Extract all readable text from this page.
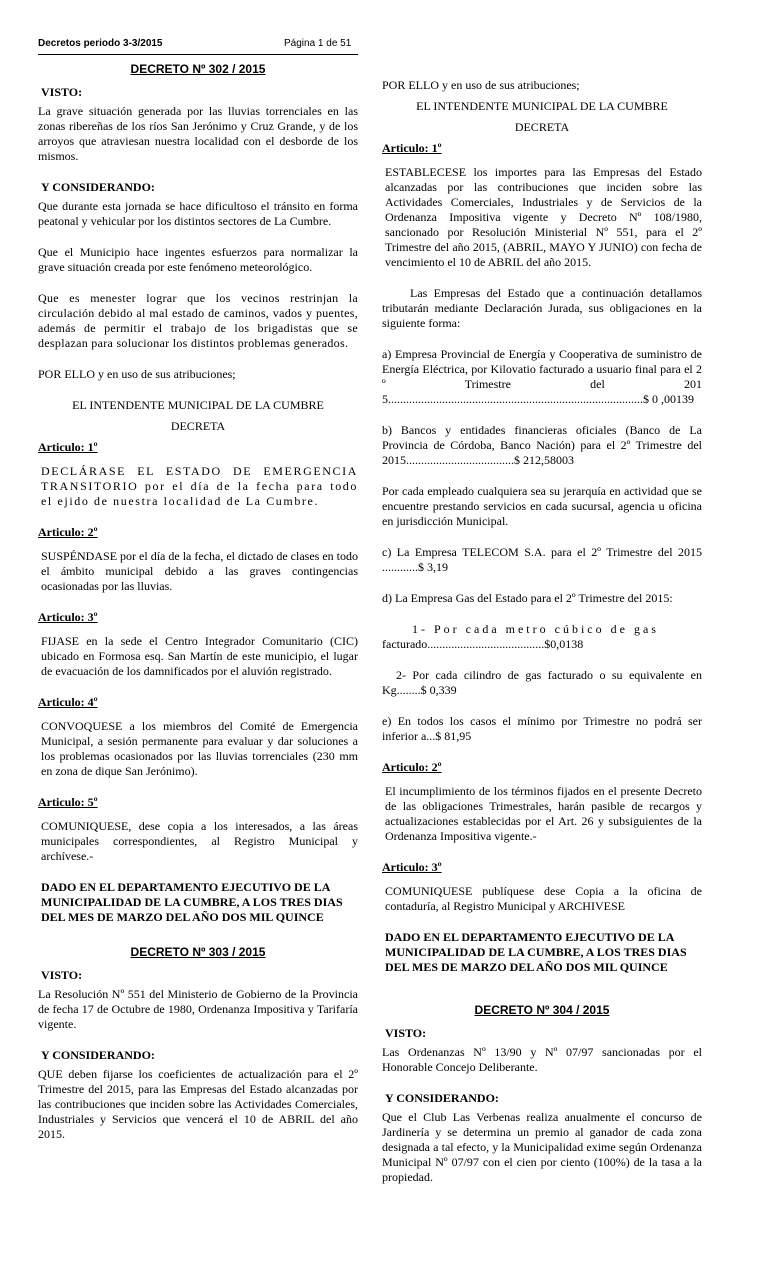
Decretos periodo 3-3/2015	Página 1 de 51
DECRETO Nº 302 / 2015
VISTO:

La grave situación generada por las lluvias torrenciales en las zonas ribereñas de los ríos San Jerónimo y Cruz Grande, y de los arroyos que atraviesan nuestra localidad con el desborde de los mismos.

Y CONSIDERANDO:

Que durante esta jornada se hace dificultoso el tránsito en forma peatonal y vehicular por los distintos sectores de La Cumbre.

Que el Municipio hace ingentes esfuerzos para normalizar la grave situación creada por este fenómeno meteorológico.

Que es menester lograr que los vecinos restrinjan la circulación debido al mal estado de caminos, vados y puentes, además de permitir el trabajo de los brigadistas que se desplazan para solucionar los distintos problemas generados.

POR ELLO y en uso de sus atribuciones;

EL INTENDENTE MUNICIPAL DE LA CUMBRE

DECRETA

Articulo: 1º

DECLÁRASE EL ESTADO DE EMERGENCIA TRANSITORIO por el día de la fecha para todo el ejido de nuestra localidad de La Cumbre.

Articulo: 2º

SUSPÉNDASE por el día de la fecha, el dictado de clases en todo el ámbito municipal debido a las graves contingencias ocasionadas por las lluvias.

Articulo: 3º

FIJASE en la sede el Centro Integrador Comunitario (CIC) ubicado en Formosa esq. San Martín de este municipio, el lugar de evacuación de los damnificados por el aluvión registrado.

Articulo: 4º

CONVOQUESE a los miembros del Comité de Emergencia Municipal, a sesión permanente para evaluar y dar soluciones a los problemas ocasionados por las lluvias torrenciales (230 mm en zona de dique San Jerónimo).

Articulo: 5º

COMUNIQUESE, dese copia a los interesados, a las áreas municipales correspondientes, al Registro Municipal y archívese.-

DADO EN EL DEPARTAMENTO EJECUTIVO DE LA MUNICIPALIDAD DE LA CUMBRE, A LOS TRES DIAS DEL MES DE MARZO DEL AÑO DOS MIL QUINCE
DECRETO Nº 303 / 2015
VISTO:

La Resolución Nº 551 del Ministerio de Gobierno de la Provincia de fecha 17 de Octubre de 1980, Ordenanza Impositiva y Tarifaría vigente.

Y CONSIDERANDO:

QUE deben fijarse los coeficientes de actualización para el 2º Trimestre del 2015, para las Empresas del Estado alcanzadas por las contribuciones que inciden sobre las Actividades Comerciales, Industriales y Servicios que vencerá el 10 de ABRIL del año 2015.

POR ELLO y en uso de sus atribuciones;

EL INTENDENTE MUNICIPAL DE LA CUMBRE

DECRETA

Articulo: 1º

ESTABLECESE los importes para las Empresas del Estado alcanzadas por las contribuciones que inciden sobre las Actividades Comerciales, Industriales y de Servicios de la Ordenanza Impositiva vigente y Decreto Nº 108/1980, sancionado por Resolución Ministerial Nº 551, para el 2º Trimestre del año 2015, (ABRIL, MAYO Y JUNIO) con fecha de vencimiento el 10 de ABRIL del año 2015.

Las Empresas del Estado que a continuación detallamos tributarán mediante Declaración Jurada, sus obligaciones en la siguiente forma:

a) Empresa Provincial de Energía y Cooperativa de suministro de Energía Eléctrica, por Kilovatio facturado a usuario final para el 2º Trimestre del 2015.....................................................................................$ 0 ,00139

b) Bancos y entidades financieras oficiales (Banco de La Provincia de Córdoba, Banco Nación) para el 2º Trimestre del 2015....................................$ 212,58003

Por cada empleado cualquiera sea su jerarquía en actividad que se encuentre prestando servicios en cada sucursal, agencia u oficina en jurisdicción Municipal.

c) La Empresa TELECOM S.A. para el 2º Trimestre del 2015 ............$ 3,19

d) La Empresa Gas del Estado para el 2º Trimestre del 2015:

1- Por cada metro cúbico de gas
facturado.......................................$0,0138

2- Por cada cilindro de gas facturado o su equivalente en Kg........$ 0,339

e) En todos los casos el mínimo por Trimestre no podrá ser inferior a...$ 81,95

Articulo: 2º

El incumplimiento de los términos fijados en el presente Decreto de las obligaciones Trimestrales, harán pasible de recargos y actualizaciones establecidas por el Art. 26 y subsiguientes de la Ordenanza Impositiva vigente.-

Articulo: 3º

COMUNIQUESE publíquese dese Copia a la oficina de contaduría, al Registro Municipal y ARCHIVESE

DADO EN EL DEPARTAMENTO EJECUTIVO DE LA MUNICIPALIDAD DE LA CUMBRE, A LOS TRES DIAS DEL MES DE MARZO DEL AÑO DOS MIL QUINCE
DECRETO Nº 304 / 2015
VISTO:

Las Ordenanzas Nº 13/90 y Nº 07/97 sancionadas por el Honorable Concejo Deliberante.

Y CONSIDERANDO:

Que el Club Las Verbenas realiza anualmente el concurso de Jardinería y se determina un premio al ganador de cada zona designada a tal efecto, y la Municipalidad exime según Ordenanza Municipal Nº 07/97 con el cien por ciento (100%) de la tasa a la propiedad.
